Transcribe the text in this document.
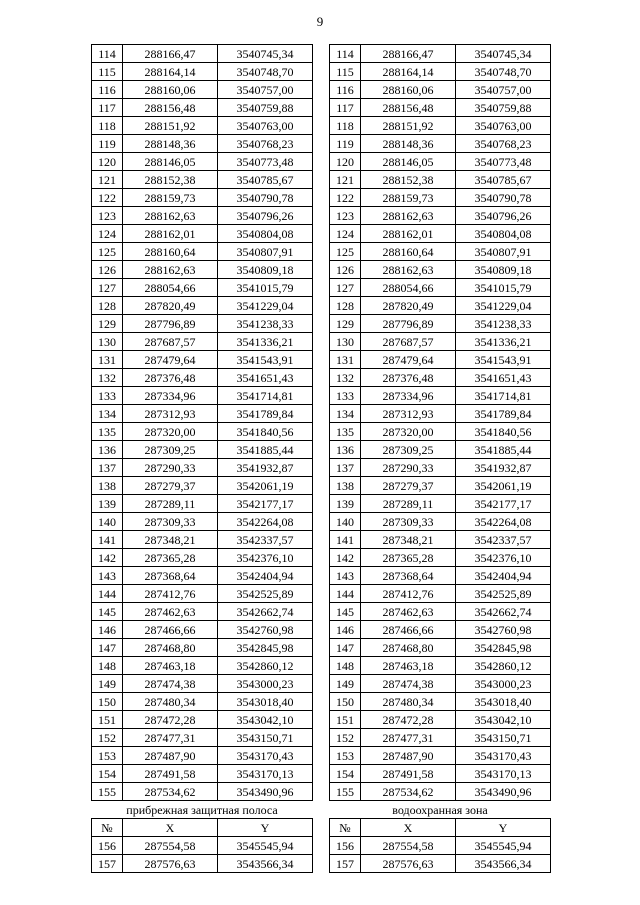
9
114	288166,47	3540745,34
115	288164,14	3540748,70
116	288160,06	3540757,00
117	288156,48	3540759,88
118	288151,92	3540763,00
119	288148,36	3540768,23
120	288146,05	3540773,48
121	288152,38	3540785,67
122	288159,73	3540790,78
123	288162,63	3540796,26
124	288162,01	3540804,08
125	288160,64	3540807,91
126	288162,63	3540809,18
127	288054,66	3541015,79
128	287820,49	3541229,04
129	287796,89	3541238,33
130	287687,57	3541336,21
131	287479,64	3541543,91
132	287376,48	3541651,43
133	287334,96	3541714,81
134	287312,93	3541789,84
135	287320,00	3541840,56
136	287309,25	3541885,44
137	287290,33	3541932,87
138	287279,37	3542061,19
139	287289,11	3542177,17
140	287309,33	3542264,08
141	287348,21	3542337,57
142	287365,28	3542376,10
143	287368,64	3542404,94
144	287412,76	3542525,89
145	287462,63	3542662,74
146	287466,66	3542760,98
147	287468,80	3542845,98
148	287463,18	3542860,12
149	287474,38	3543000,23
150	287480,34	3543018,40
151	287472,28	3543042,10
152	287477,31	3543150,71
153	287487,90	3543170,43
154	287491,58	3543170,13
155	287534,62	3543490,96
прибрежная защитная полоса		
№	X	Y
156	287554,58	3545545,94
157	287576,63	3543566,34
114	288166,47	3540745,34
115	288164,14	3540748,70
116	288160,06	3540757,00
117	288156,48	3540759,88
118	288151,92	3540763,00
119	288148,36	3540768,23
120	288146,05	3540773,48
121	288152,38	3540785,67
122	288159,73	3540790,78
123	288162,63	3540796,26
124	288162,01	3540804,08
125	288160,64	3540807,91
126	288162,63	3540809,18
127	288054,66	3541015,79
128	287820,49	3541229,04
129	287796,89	3541238,33
130	287687,57	3541336,21
131	287479,64	3541543,91
132	287376,48	3541651,43
133	287334,96	3541714,81
134	287312,93	3541789,84
135	287320,00	3541840,56
136	287309,25	3541885,44
137	287290,33	3541932,87
138	287279,37	3542061,19
139	287289,11	3542177,17
140	287309,33	3542264,08
141	287348,21	3542337,57
142	287365,28	3542376,10
143	287368,64	3542404,94
144	287412,76	3542525,89
145	287462,63	3542662,74
146	287466,66	3542760,98
147	287468,80	3542845,98
148	287463,18	3542860,12
149	287474,38	3543000,23
150	287480,34	3543018,40
151	287472,28	3543042,10
152	287477,31	3543150,71
153	287487,90	3543170,43
154	287491,58	3543170,13
155	287534,62	3543490,96
водоохранная зона		
№	X	Y
156	287554,58	3545545,94
157	287576,63	3543566,34
